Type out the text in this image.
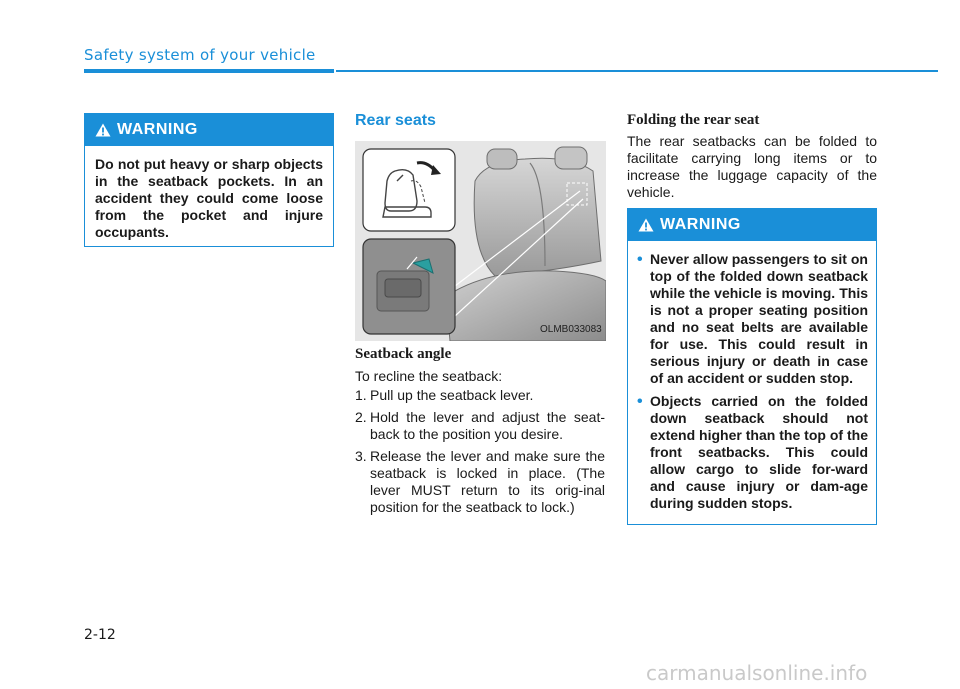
Safety system of your vehicle
WARNING
Do not put heavy or sharp objects in the seatback pockets. In an accident they could come loose from the pocket and injure occupants.
Rear seats
OLMB033083
Seatback angle
To recline the seatback:
1. Pull up the seatback lever.
2. Hold the lever and adjust the seat-back to the position you desire.
3. Release the lever and make sure the seatback is locked in place. (The lever MUST return to its orig-inal position for the seatback to lock.)
Folding the rear seat
The rear seatbacks can be folded to facilitate carrying long items or to increase the luggage capacity of the vehicle.
WARNING
• Never allow passengers to sit on top of the folded down seatback while the vehicle is moving. This is not a proper seating position and no seat belts are available for use. This could result in serious injury or death in case of an accident or sudden stop.
• Objects carried on the folded down seatback should not extend higher than the top of the front seatbacks. This could allow cargo to slide for-ward and cause injury or dam-age during sudden stops.
2-12
carmanualsonline.info
